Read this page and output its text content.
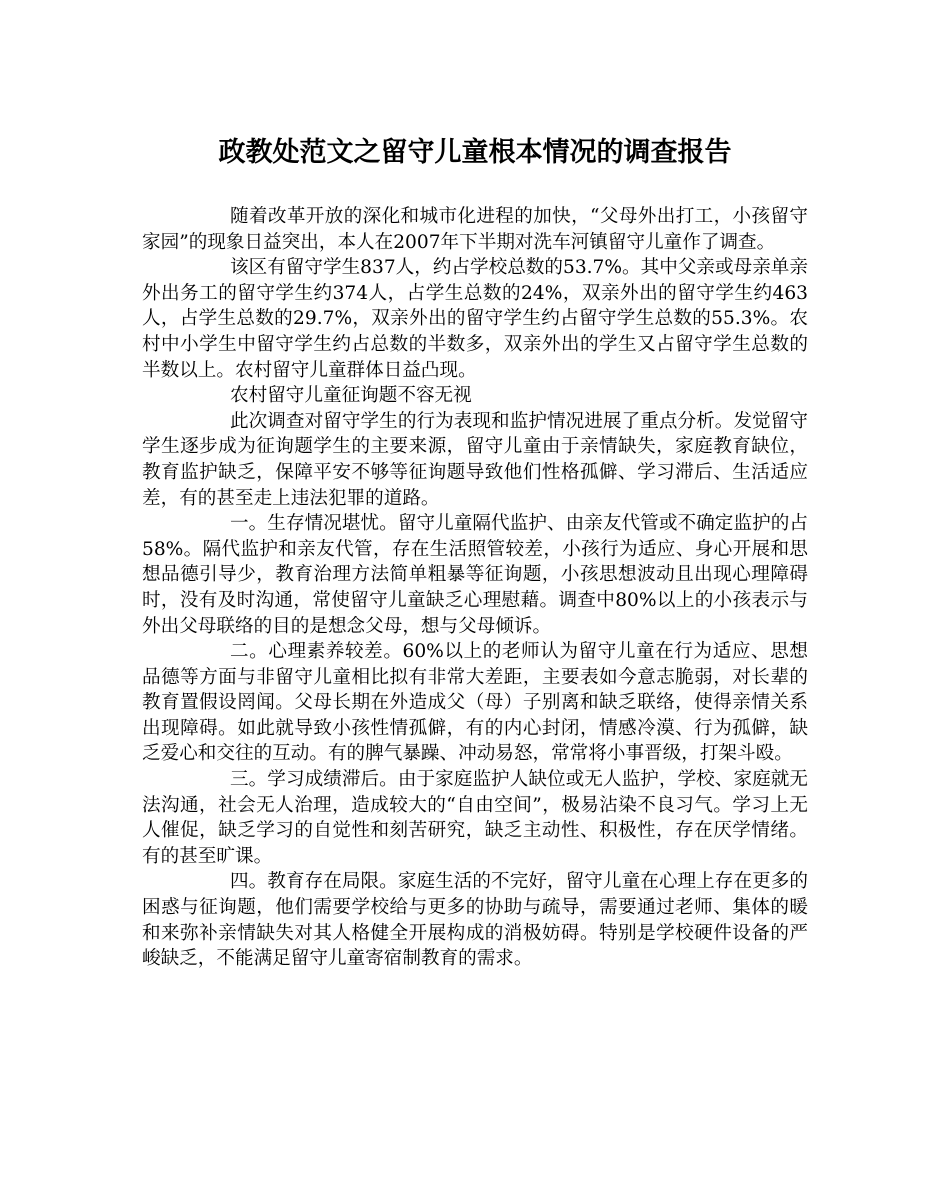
政教处范文之留守儿童根本情况的调查报告

随着改革开放的深化和城市化进程的加快，“父母外出打工，小孩留守家园”的现象日益突出，本人在2007年下半期对洗车河镇留守儿童作了调查。

该区有留守学生837人，约占学校总数的53.7%。其中父亲或母亲单亲外出务工的留守学生约374人，占学生总数的24%，双亲外出的留守学生约463人，占学生总数的29.7%，双亲外出的留守学生约占留守学生总数的55.3%。农村中小学生中留守学生约占总数的半数多，双亲外出的学生又占留守学生总数的半数以上。农村留守儿童群体日益凸现。

农村留守儿童征询题不容无视

此次调查对留守学生的行为表现和监护情况进展了重点分析。发觉留守学生逐步成为征询题学生的主要来源，留守儿童由于亲情缺失，家庭教育缺位，教育监护缺乏，保障平安不够等征询题导致他们性格孤僻、学习滞后、生活适应差，有的甚至走上违法犯罪的道路。

一。生存情况堪忧。留守儿童隔代监护、由亲友代管或不确定监护的占58%。隔代监护和亲友代管，存在生活照管较差，小孩行为适应、身心开展和思想品德引导少，教育治理方法简单粗暴等征询题，小孩思想波动且出现心理障碍时，没有及时沟通，常使留守儿童缺乏心理慰藉。调查中80%以上的小孩表示与外出父母联络的目的是想念父母，想与父母倾诉。

二。心理素养较差。60%以上的老师认为留守儿童在行为适应、思想品德等方面与非留守儿童相比拟有非常大差距，主要表如今意志脆弱，对长辈的教育置假设罔闻。父母长期在外造成父（母）子别离和缺乏联络，使得亲情关系出现障碍。如此就导致小孩性情孤僻，有的内心封闭，情感冷漠、行为孤僻，缺乏爱心和交往的互动。有的脾气暴躁、冲动易怒，常常将小事晋级，打架斗殴。

三。学习成绩滞后。由于家庭监护人缺位或无人监护，学校、家庭就无法沟通，社会无人治理，造成较大的“自由空间”，极易沾染不良习气。学习上无人催促，缺乏学习的自觉性和刻苦研究，缺乏主动性、积极性，存在厌学情绪。有的甚至旷课。

四。教育存在局限。家庭生活的不完好，留守儿童在心理上存在更多的困惑与征询题，他们需要学校给与更多的协助与疏导，需要通过老师、集体的暖和来弥补亲情缺失对其人格健全开展构成的消极妨碍。特别是学校硬件设备的严峻缺乏，不能满足留守儿童寄宿制教育的需求。
